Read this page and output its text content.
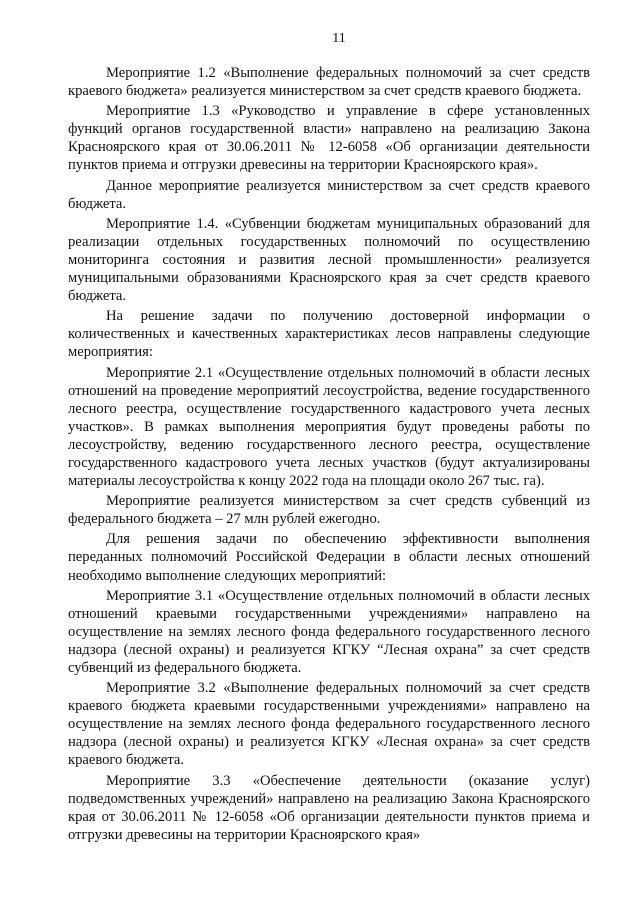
11

Мероприятие 1.2 «Выполнение федеральных полномочий за счет средств краевого бюджета» реализуется министерством за счет средств краевого бюджета.

Мероприятие 1.3 «Руководство и управление в сфере установленных функций органов государственной власти» направлено на реализацию Закона Красноярского края от 30.06.2011 № 12-6058 «Об организации деятельности пунктов приема и отгрузки древесины на территории Красноярского края».

Данное мероприятие реализуется министерством за счет средств краевого бюджета.

Мероприятие 1.4. «Субвенции бюджетам муниципальных образований для реализации отдельных государственных полномочий по осуществлению мониторинга состояния и развития лесной промышленности» реализуется муниципальными образованиями Красноярского края за счет средств краевого бюджета.

На решение задачи по получению достоверной информации о количественных и качественных характеристиках лесов направлены следующие мероприятия:

Мероприятие 2.1 «Осуществление отдельных полномочий в области лесных отношений на проведение мероприятий лесоустройства, ведение государственного лесного реестра, осуществление государственного кадастрового учета лесных участков». В рамках выполнения мероприятия будут проведены работы по лесоустройству, ведению государственного лесного реестра, осуществление государственного кадастрового учета лесных участков (будут актуализированы материалы лесоустройства к концу 2022 года на площади около 267 тыс. га).

Мероприятие реализуется министерством за счет средств субвенций из федерального бюджета – 27 млн рублей ежегодно.

Для решения задачи по обеспечению эффективности выполнения переданных полномочий Российской Федерации в области лесных отношений необходимо выполнение следующих мероприятий:

Мероприятие 3.1 «Осуществление отдельных полномочий в области лесных отношений краевыми государственными учреждениями» направлено на осуществление на землях лесного фонда федерального государственного лесного надзора (лесной охраны) и реализуется КГКУ “Лесная охрана” за счет средств субвенций из федерального бюджета.

Мероприятие 3.2 «Выполнение федеральных полномочий за счет средств краевого бюджета краевыми государственными учреждениями» направлено на осуществление на землях лесного фонда федерального государственного лесного надзора (лесной охраны) и реализуется КГКУ «Лесная охрана» за счет средств краевого бюджета.

Мероприятие 3.3 «Обеспечение деятельности (оказание услуг) подведомственных учреждений» направлено на реализацию Закона Красноярского края от 30.06.2011 № 12-6058 «Об организации деятельности пунктов приема и отгрузки древесины на территории Красноярского края»
